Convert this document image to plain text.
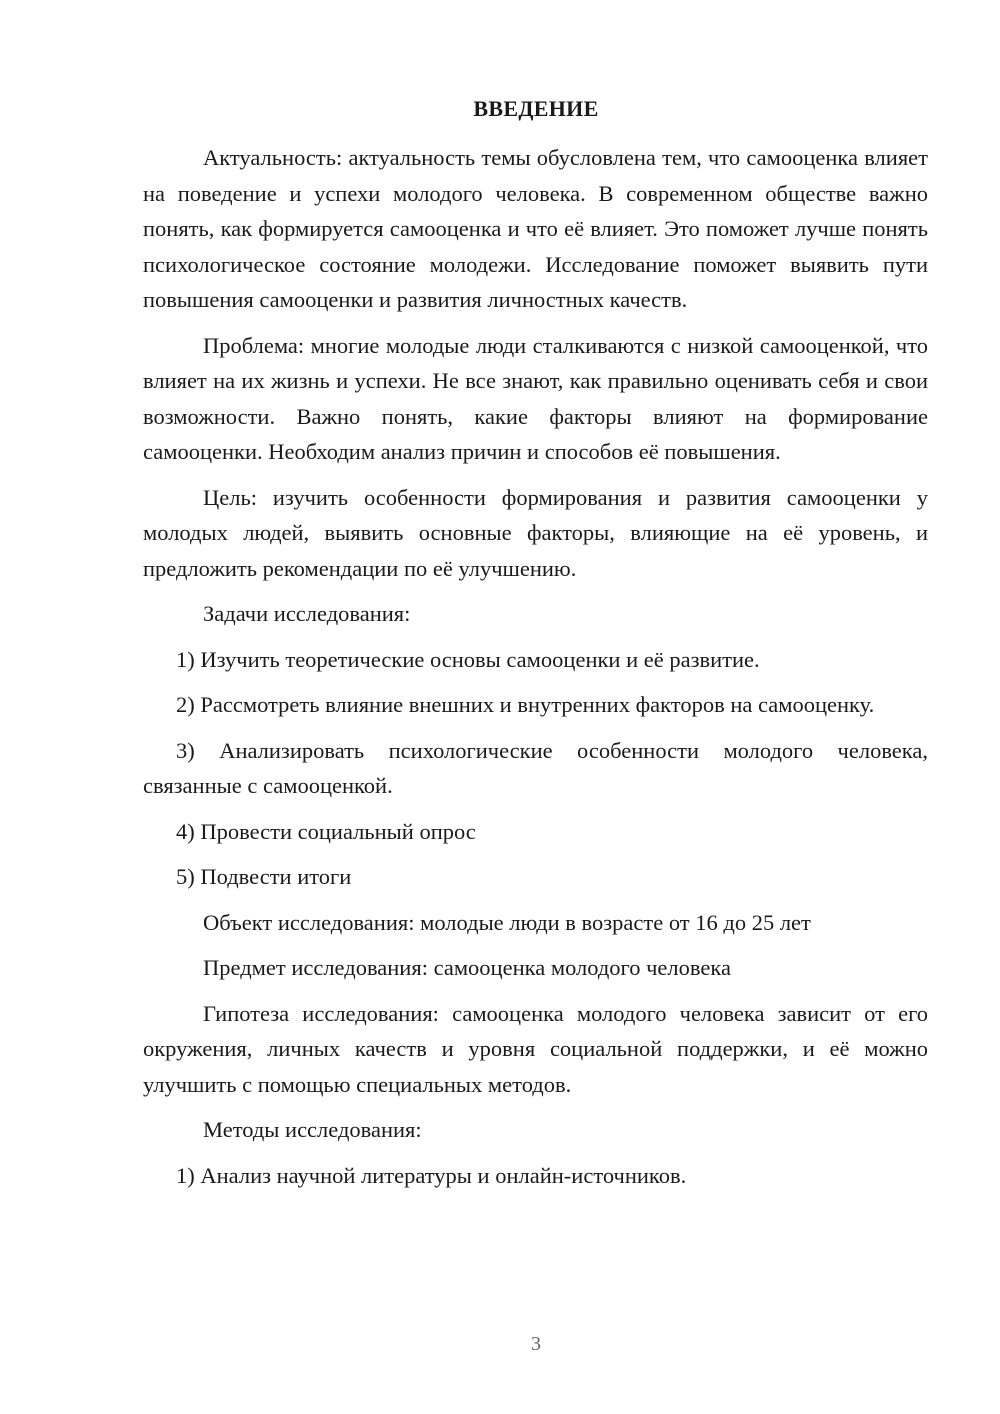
ВВЕДЕНИЕ

Актуальность: актуальность темы обусловлена тем, что самооценка влияет на поведение и успехи молодого человека. В современном обществе важно понять, как формируется самооценка и что её влияет. Это поможет лучше понять психологическое состояние молодежи. Исследование поможет выявить пути повышения самооценки и развития личностных качеств.

Проблема: многие молодые люди сталкиваются с низкой самооценкой, что влияет на их жизнь и успехи. Не все знают, как правильно оценивать себя и свои возможности. Важно понять, какие факторы влияют на формирование самооценки. Необходим анализ причин и способов её повышения.

Цель: изучить особенности формирования и развития самооценки у молодых людей, выявить основные факторы, влияющие на её уровень, и предложить рекомендации по её улучшению.

Задачи исследования:

1) Изучить теоретические основы самооценки и её развитие.

2) Рассмотреть влияние внешних и внутренних факторов на самооценку.

3) Анализировать психологические особенности молодого человека, связанные с самооценкой.

4) Провести социальный опрос

5) Подвести итоги

Объект исследования: молодые люди в возрасте от 16 до 25 лет

Предмет исследования: самооценка молодого человека

Гипотеза исследования: самооценка молодого человека зависит от его окружения, личных качеств и уровня социальной поддержки, и её можно улучшить с помощью специальных методов.

Методы исследования:

1) Анализ научной литературы и онлайн-источников.

3
